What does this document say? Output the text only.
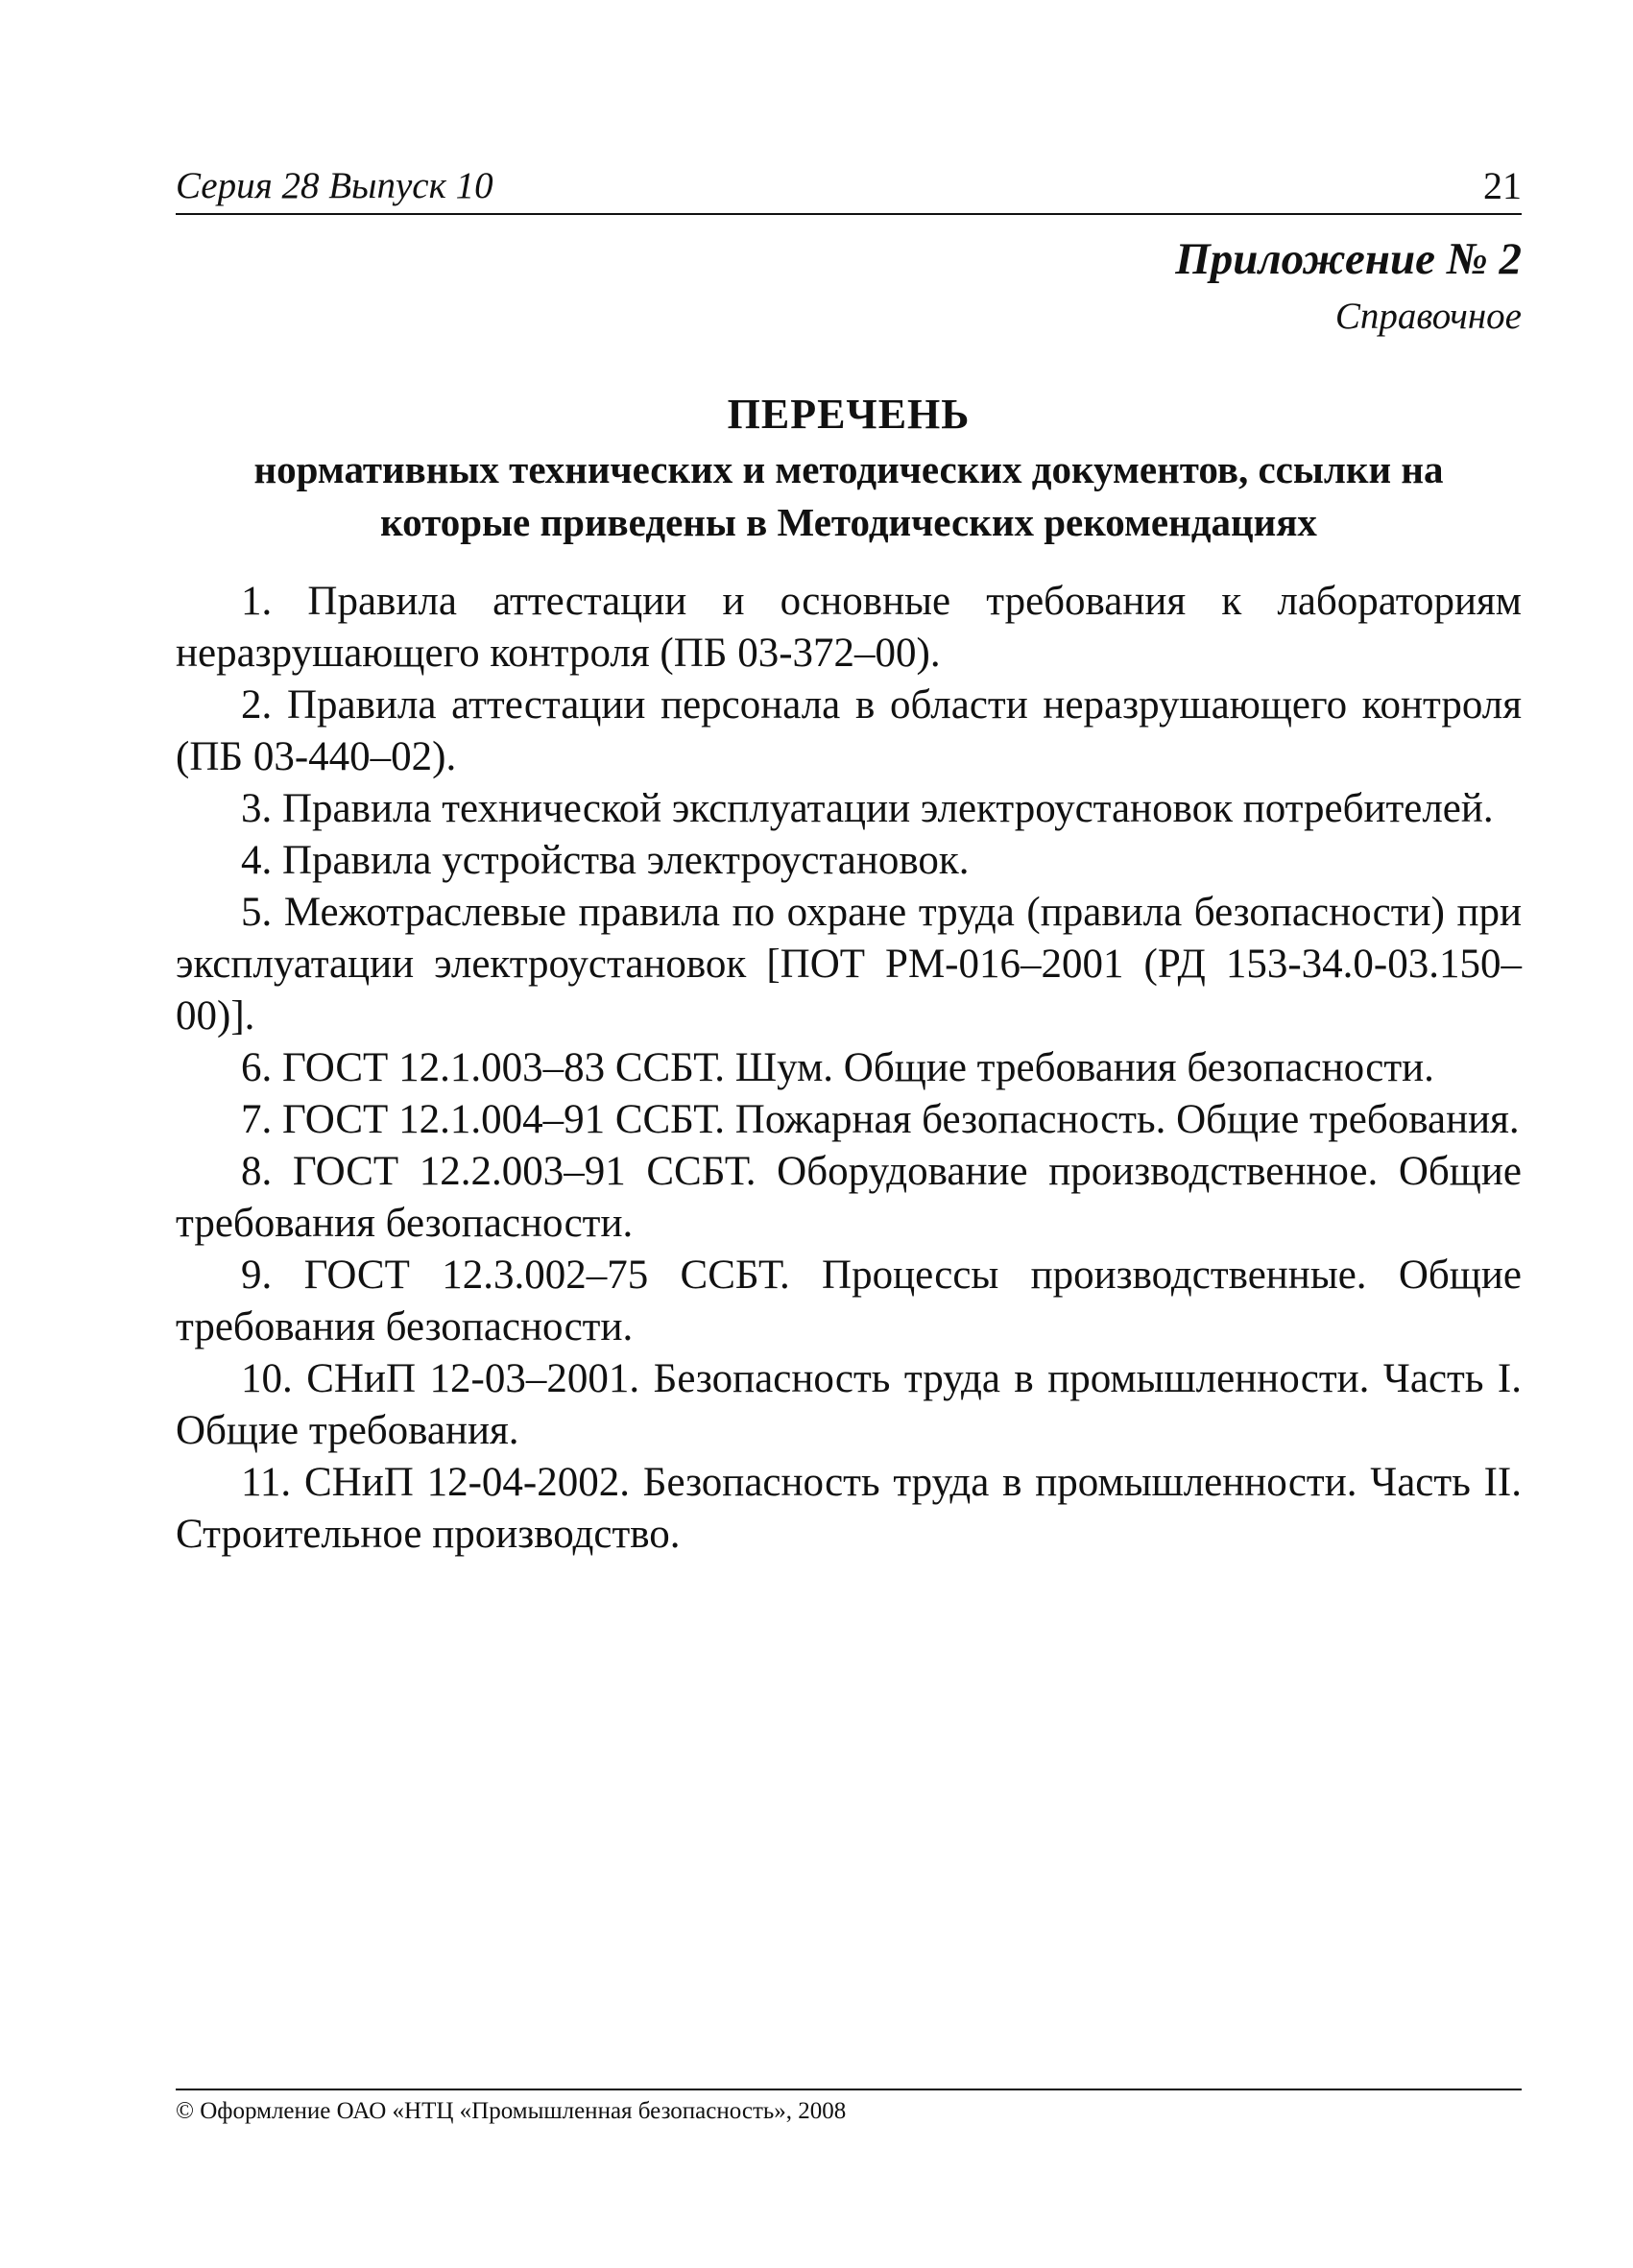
Серия 28 Выпуск 10	21
Приложение № 2
Справочное
ПЕРЕЧЕНЬ
нормативных технических и методических документов, ссылки на которые приведены в Методических рекомендациях
1. Правила аттестации и основные требования к лабораториям неразрушающего контроля (ПБ 03-372–00).
2. Правила аттестации персонала в области неразрушающего контроля (ПБ 03-440–02).
3. Правила технической эксплуатации электроустановок потребителей.
4. Правила устройства электроустановок.
5. Межотраслевые правила по охране труда (правила безопасности) при эксплуатации электроустановок [ПОТ РМ-016–2001 (РД 153-34.0-03.150–00)].
6. ГОСТ 12.1.003–83 ССБТ. Шум. Общие требования безопасности.
7. ГОСТ 12.1.004–91 ССБТ. Пожарная безопасность. Общие требования.
8. ГОСТ 12.2.003–91 ССБТ. Оборудование производственное. Общие требования безопасности.
9. ГОСТ 12.3.002–75 ССБТ. Процессы производственные. Общие требования безопасности.
10. СНиП 12-03–2001. Безопасность труда в промышленности. Часть I. Общие требования.
11. СНиП 12-04-2002. Безопасность труда в промышленности. Часть II. Строительное производство.
© Оформление ОАО «НТЦ «Промышленная безопасность», 2008
